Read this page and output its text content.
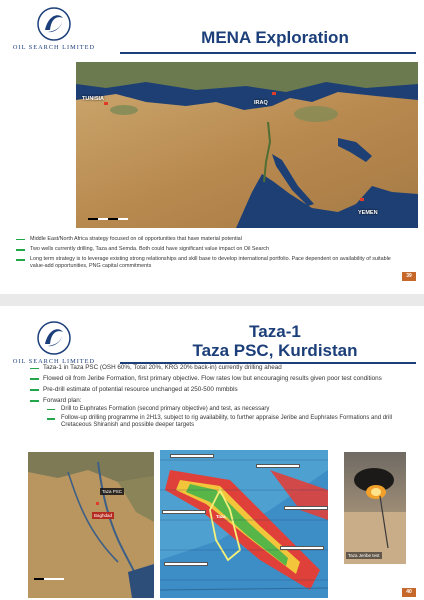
OIL SEARCH LIMITED
MENA Exploration
TUNISIA
IRAQ
YEMEN
Middle East/North Africa strategy focused on oil opportunities that have material potential
Two wells currently drilling, Taza and Semda. Both could have significant value impact on Oil Search
Long term strategy is to leverage existing strong relationships and skill base to develop international portfolio. Pace dependent on availability of suitable value-add opportunities, PNG capital commitments
39
OIL SEARCH LIMITED
Taza-1
Taza PSC, Kurdistan
Taza-1 in Taza PSC (OSH 60%, Total 20%, KRG 20% back-in) currently drilling ahead
Flowed oil from Jeribe Formation, first primary objective. Flow rates low but encouraging results given poor test conditions
Pre-drill estimate of potential resource unchanged at 250-500 mmbbls
Forward plan:
Drill to Euphrates Formation (second primary objective) and test, as necessary
Follow-up drilling programme in 2H13, subject to rig availability, to further appraise Jeribe and Euphrates Formations and drill Cretaceous Shiranish and possible deeper targets
Taza PSC
Baghdad	Taza
Taza Jeribe test
40
